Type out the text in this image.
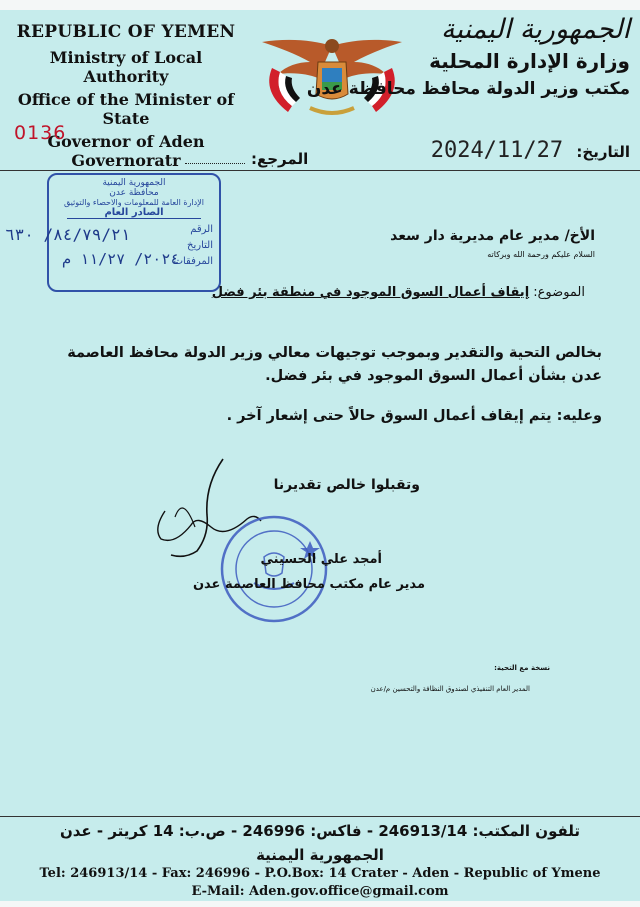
REPUBLIC OF YEMEN
Ministry of Local Authority
Office of the Minister of State
Governor of Aden Governoratr
0136
الجمهورية اليمنية
وزارة الإدارة المحلية
مكتب وزير الدولة محافظ محافظة عدن
التاريخ: 2024/11/27
المرجع:
الجمهورية اليمنية
محافظة عدن
الإدارة العامة للمعلومات والاحصاء والتوثيق
الصادر العام
الرقم
التاريخ
المرفقات
٨٤/٧٩/٢١/ ٦٣٠
٢٠٢٤/ ١١/٢٧ م
الأخ/ مدير عام مديرية دار سعد
السلام عليكم ورحمة الله وبركاته
الموضوع: إيقاف أعمال السوق الموجود في منطقة بئر فضل
بخالص التحية والتقدير وبموجب توجيهات معالي وزير الدولة محافظ العاصمة
عدن بشأن أعمال السوق الموجود في بئر فضل.
وعليه: يتم إيقاف أعمال السوق حالاً حتى إشعار آخر .
وتقبلوا خالص تقديرنا
أمجد علي الحسيني
مدير عام مكتب محافظ العاصمة عدن
نسخة مع التحية:
المدير العام التنفيذي لصندوق النظافة والتحسين م/عدن
تلفون المكتب: 246913/14 - فاكس: 246996 - ص.ب: 14 كريتر - عدن
الجمهورية اليمنية
Tel: 246913/14 - Fax: 246996 - P.O.Box: 14 Crater - Aden - Republic of Ymene
E-Mail: Aden.gov.office@gmail.com
